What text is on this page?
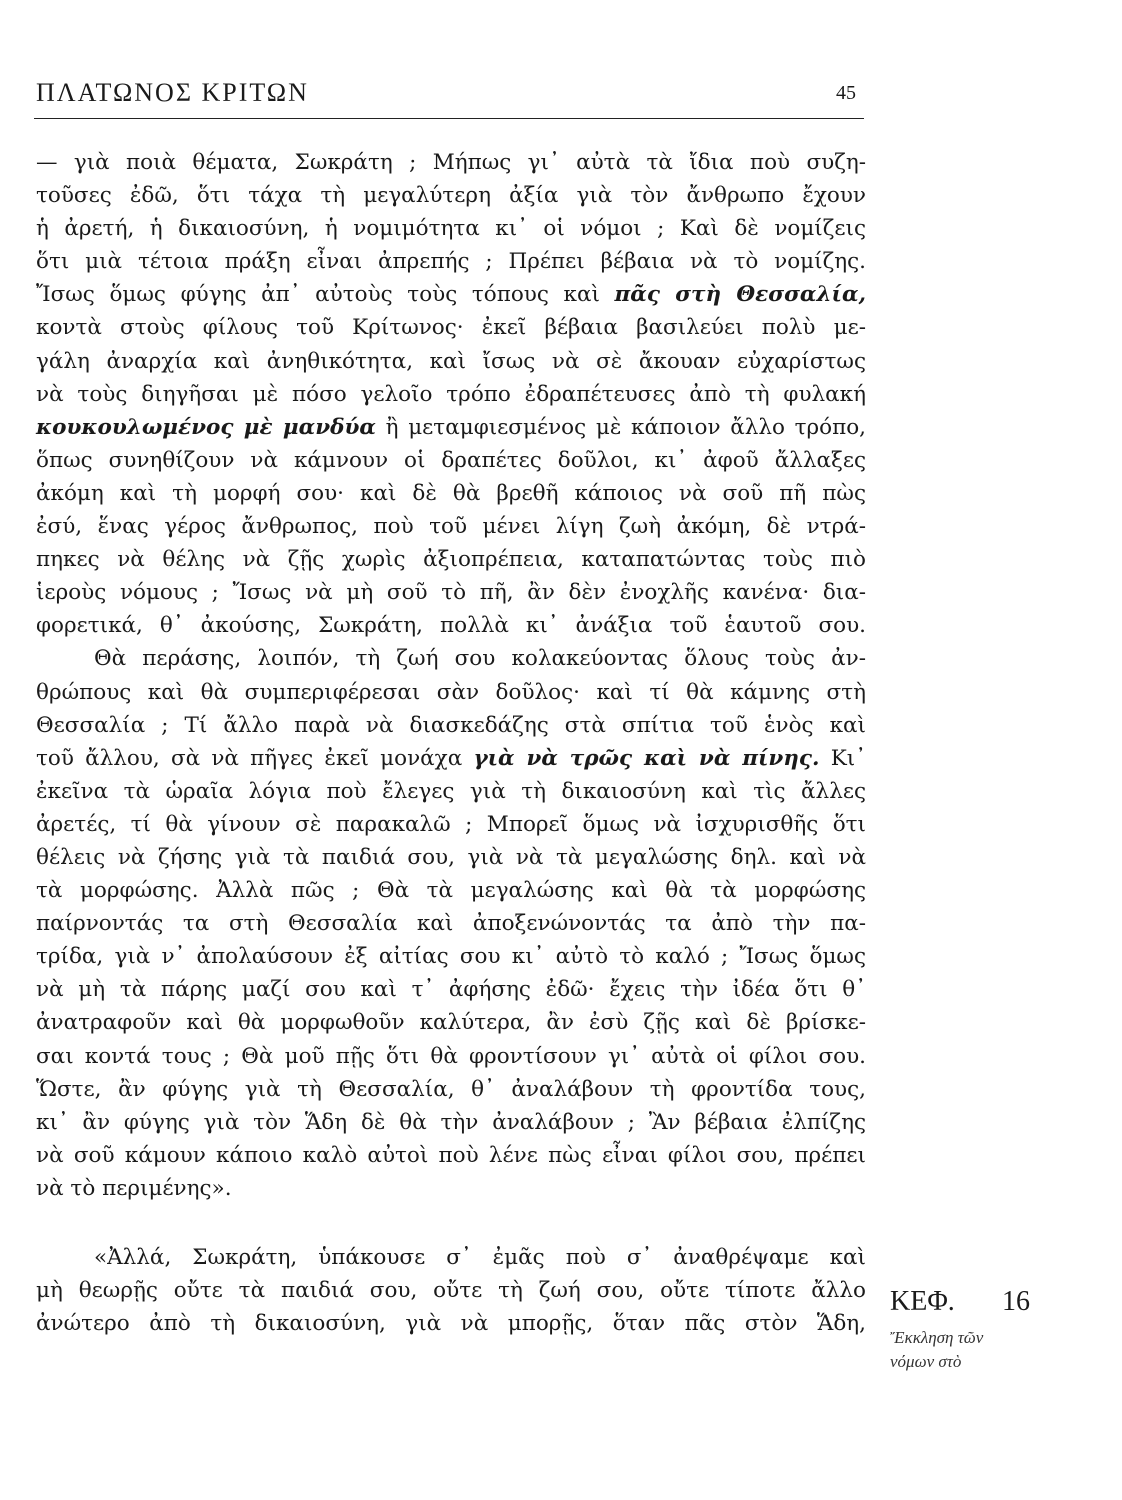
ΠΛΑΤΩΝΟΣ ΚΡΙΤΩΝ	45
— γιὰ ποιὰ θέματα, Σωκράτη ; Μήπως γι᾽ αὐτὰ τὰ ἴδια ποὺ συζη-
τοῦσες ἐδῶ, ὅτι τάχα τὴ μεγαλύτερη ἀξία γιὰ τὸν ἄνθρωπο ἔχουν
ἡ ἀρετή, ἡ δικαιοσύνη, ἡ νομιμότητα κι᾽ οἱ νόμοι ; Καὶ δὲ νομίζεις
ὅτι μιὰ τέτοια πράξη εἶναι ἀπρεπής ; Πρέπει βέβαια νὰ τὸ νομίζης.
Ἴσως ὅμως φύγης ἀπ᾽ αὐτοὺς τοὺς τόπους καὶ πᾶς στὴ Θεσσαλία,
κοντὰ στοὺς φίλους τοῦ Κρίτωνος· ἐκεῖ βέβαια βασιλεύει πολὺ με-
γάλη ἀναρχία καὶ ἀνηθικότητα, καὶ ἴσως νὰ σὲ ἄκουαν εὐχαρίστως
νὰ τοὺς διηγῆσαι μὲ πόσο γελοῖο τρόπο ἐδραπέτευσες ἀπὸ τὴ φυλακή
κουκουλωμένος μὲ μανδύα ἢ μεταμφιεσμένος μὲ κάποιον ἄλλο τρόπο,
ὅπως συνηθίζουν νὰ κάμνουν οἱ δραπέτες δοῦλοι, κι᾽ ἀφοῦ ἄλλαξες
ἀκόμη καὶ τὴ μορφή σου· καὶ δὲ θὰ βρεθῆ κάποιος νὰ σοῦ πῆ πὼς
ἐσύ, ἕνας γέρος ἄνθρωπος, ποὺ τοῦ μένει λίγη ζωὴ ἀκόμη, δὲ ντρά-
πηκες νὰ θέλης νὰ ζῇς χωρὶς ἀξιοπρέπεια, καταπατώντας τοὺς πιὸ
ἱεροὺς νόμους ; Ἴσως νὰ μὴ σοῦ τὸ πῆ, ἂν δὲν ἐνοχλῆς κανένα· δια-
φορετικά, θ᾽ ἀκούσης, Σωκράτη, πολλὰ κι᾽ ἀνάξια τοῦ ἑαυτοῦ σου.
Θὰ περάσης, λοιπόν, τὴ ζωή σου κολακεύοντας ὅλους τοὺς ἀν-
θρώπους καὶ θὰ συμπεριφέρεσαι σὰν δοῦλος· καὶ τί θὰ κάμνης στὴ
Θεσσαλία ; Τί ἄλλο παρὰ νὰ διασκεδάζης στὰ σπίτια τοῦ ἑνὸς καὶ
τοῦ ἄλλου, σὰ νὰ πῆγες ἐκεῖ μονάχα γιὰ νὰ τρῶς καὶ νὰ πίνης. Κι᾽
ἐκεῖνα τὰ ὡραῖα λόγια ποὺ ἔλεγες γιὰ τὴ δικαιοσύνη καὶ τὶς ἄλλες
ἀρετές, τί θὰ γίνουν σὲ παρακαλῶ ; Μπορεῖ ὅμως νὰ ἰσχυρισθῆς ὅτι
θέλεις νὰ ζήσης γιὰ τὰ παιδιά σου, γιὰ νὰ τὰ μεγαλώσης δηλ. καὶ νὰ
τὰ μορφώσης. Ἀλλὰ πῶς ; Θὰ τὰ μεγαλώσης καὶ θὰ τὰ μορφώσης
παίρνοντάς τα στὴ Θεσσαλία καὶ ἀποξενώνοντάς τα ἀπὸ τὴν πα-
τρίδα, γιὰ ν᾽ ἀπολαύσουν ἐξ αἰτίας σου κι᾽ αὐτὸ τὸ καλό ; Ἴσως ὅμως
νὰ μὴ τὰ πάρης μαζί σου καὶ τ᾽ ἀφήσης ἐδῶ· ἔχεις τὴν ἰδέα ὅτι θ᾽
ἀνατραφοῦν καὶ θὰ μορφωθοῦν καλύτερα, ἂν ἐσὺ ζῇς καὶ δὲ βρίσκε-
σαι κοντά τους ; Θὰ μοῦ πῇς ὅτι θὰ φροντίσουν γι᾽ αὐτὰ οἱ φίλοι σου.
Ὥστε, ἂν φύγης γιὰ τὴ Θεσσαλία, θ᾽ ἀναλάβουν τὴ φροντίδα τους,
κι᾽ ἂν φύγης γιὰ τὸν Ἅδη δὲ θὰ τὴν ἀναλάβουν ; Ἂν βέβαια ἐλπίζης
νὰ σοῦ κάμουν κάποιο καλὸ αὐτοὶ ποὺ λένε πὼς εἶναι φίλοι σου, πρέπει
νὰ τὸ περιμένης».
«Ἀλλά, Σωκράτη, ὑπάκουσε σ᾽ ἐμᾶς ποὺ σ᾽ ἀναθρέψαμε καὶ
μὴ θεωρῇς οὔτε τὰ παιδιά σου, οὔτε τὴ ζωή σου, οὔτε τίποτε ἄλλο
ἀνώτερο ἀπὸ τὴ δικαιοσύνη, γιὰ νὰ μπορῇς, ὅταν πᾶς στὸν Ἅδη,
ΚΕΦ. 16
Ἔκκληση τῶν
νόμων στὸ
